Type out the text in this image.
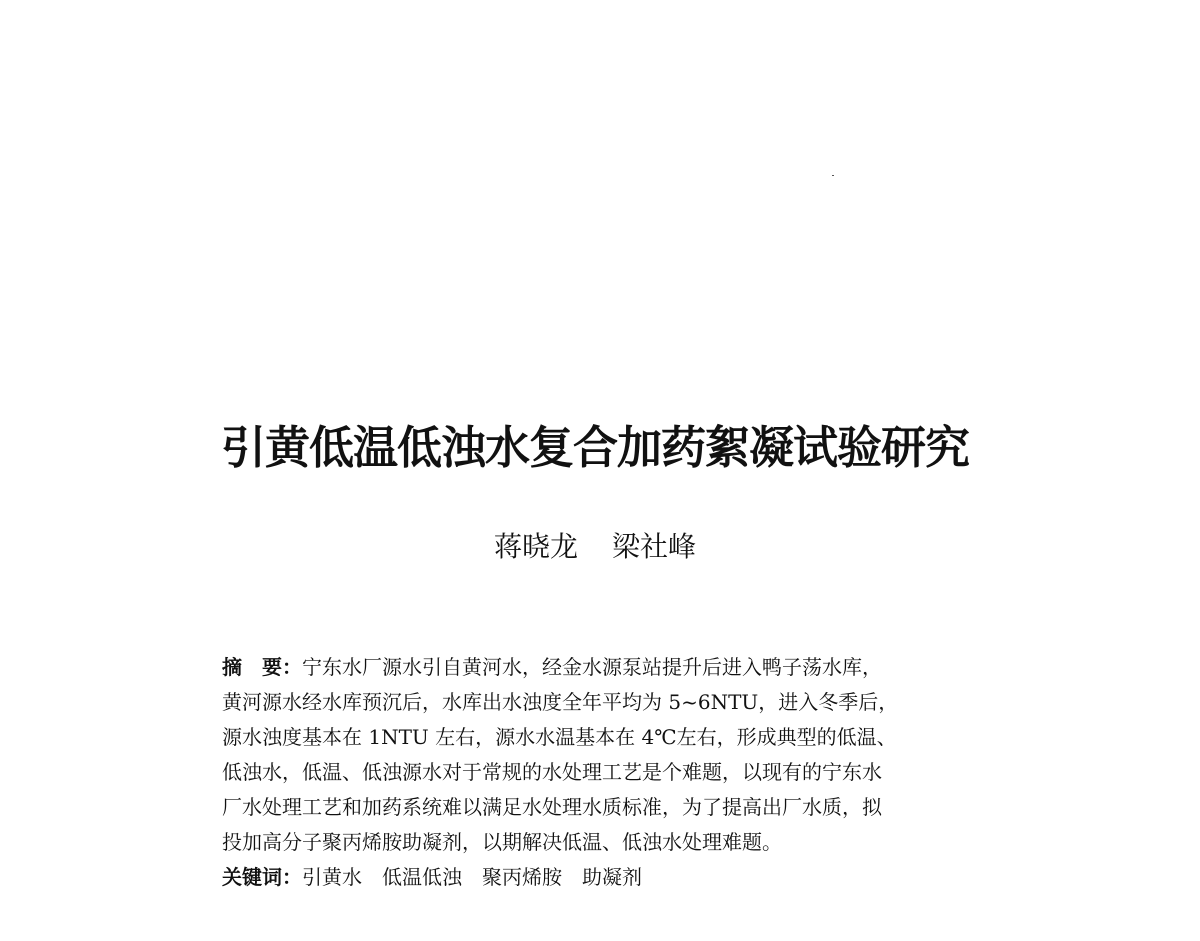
引黄低温低浊水复合加药絮凝试验研究
蒋晓龙 梁社峰
摘　要：宁东水厂源水引自黄河水，经金水源泵站提升后进入鸭子荡水库，
黄河源水经水库预沉后，水库出水浊度全年平均为 5~6NTU，进入冬季后，
源水浊度基本在 1NTU 左右，源水水温基本在 4℃左右，形成典型的低温、
低浊水，低温、低浊源水对于常规的水处理工艺是个难题，以现有的宁东水
厂水处理工艺和加药系统难以满足水处理水质标准，为了提高出厂水质，拟
投加高分子聚丙烯胺助凝剂，以期解决低温、低浊水处理难题。
关键词：引黄水 低温低浊 聚丙烯胺 助凝剂
